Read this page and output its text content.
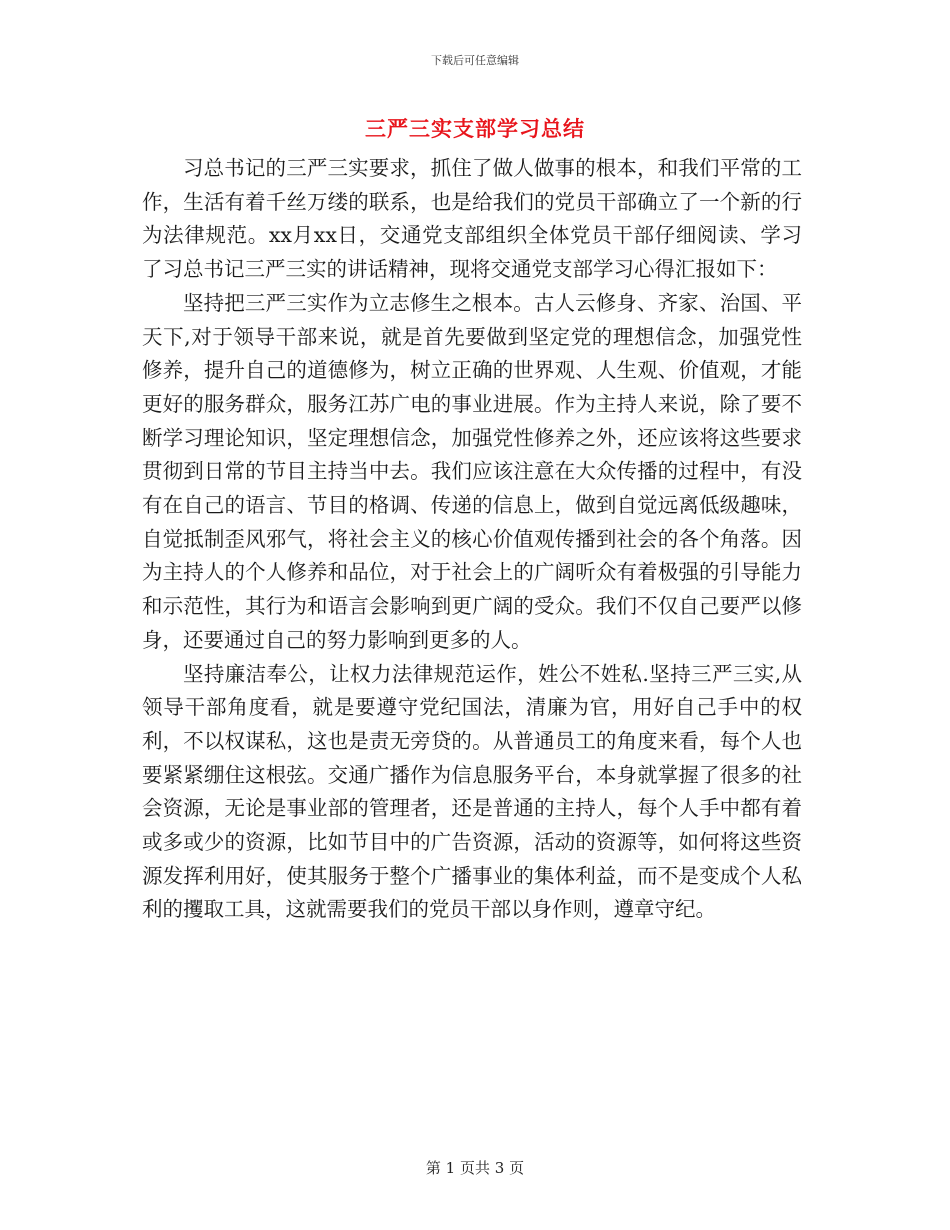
下载后可任意编辑
三严三实支部学习总结

习总书记的三严三实要求，抓住了做人做事的根本，和我们平常的工作，生活有着千丝万缕的联系，也是给我们的党员干部确立了一个新的行为法律规范。xx月xx日，交通党支部组织全体党员干部仔细阅读、学习了习总书记三严三实的讲话精神，现将交通党支部学习心得汇报如下：

坚持把三严三实作为立志修生之根本。古人云修身、齐家、治国、平天下,对于领导干部来说，就是首先要做到坚定党的理想信念，加强党性修养，提升自己的道德修为，树立正确的世界观、人生观、价值观，才能更好的服务群众，服务江苏广电的事业进展。作为主持人来说，除了要不断学习理论知识，坚定理想信念，加强党性修养之外，还应该将这些要求贯彻到日常的节目主持当中去。我们应该注意在大众传播的过程中，有没有在自己的语言、节目的格调、传递的信息上，做到自觉远离低级趣味，自觉抵制歪风邪气，将社会主义的核心价值观传播到社会的各个角落。因为主持人的个人修养和品位，对于社会上的广阔听众有着极强的引导能力和示范性，其行为和语言会影响到更广阔的受众。我们不仅自己要严以修身，还要通过自己的努力影响到更多的人。

坚持廉洁奉公，让权力法律规范运作，姓公不姓私.坚持三严三实,从领导干部角度看，就是要遵守党纪国法，清廉为官，用好自己手中的权利，不以权谋私，这也是责无旁贷的。从普通员工的角度来看，每个人也要紧紧绷住这根弦。交通广播作为信息服务平台，本身就掌握了很多的社会资源，无论是事业部的管理者，还是普通的主持人，每个人手中都有着或多或少的资源，比如节目中的广告资源，活动的资源等，如何将这些资源发挥利用好，使其服务于整个广播事业的集体利益，而不是变成个人私利的攫取工具，这就需要我们的党员干部以身作则，遵章守纪。

第 1 页共 3 页
